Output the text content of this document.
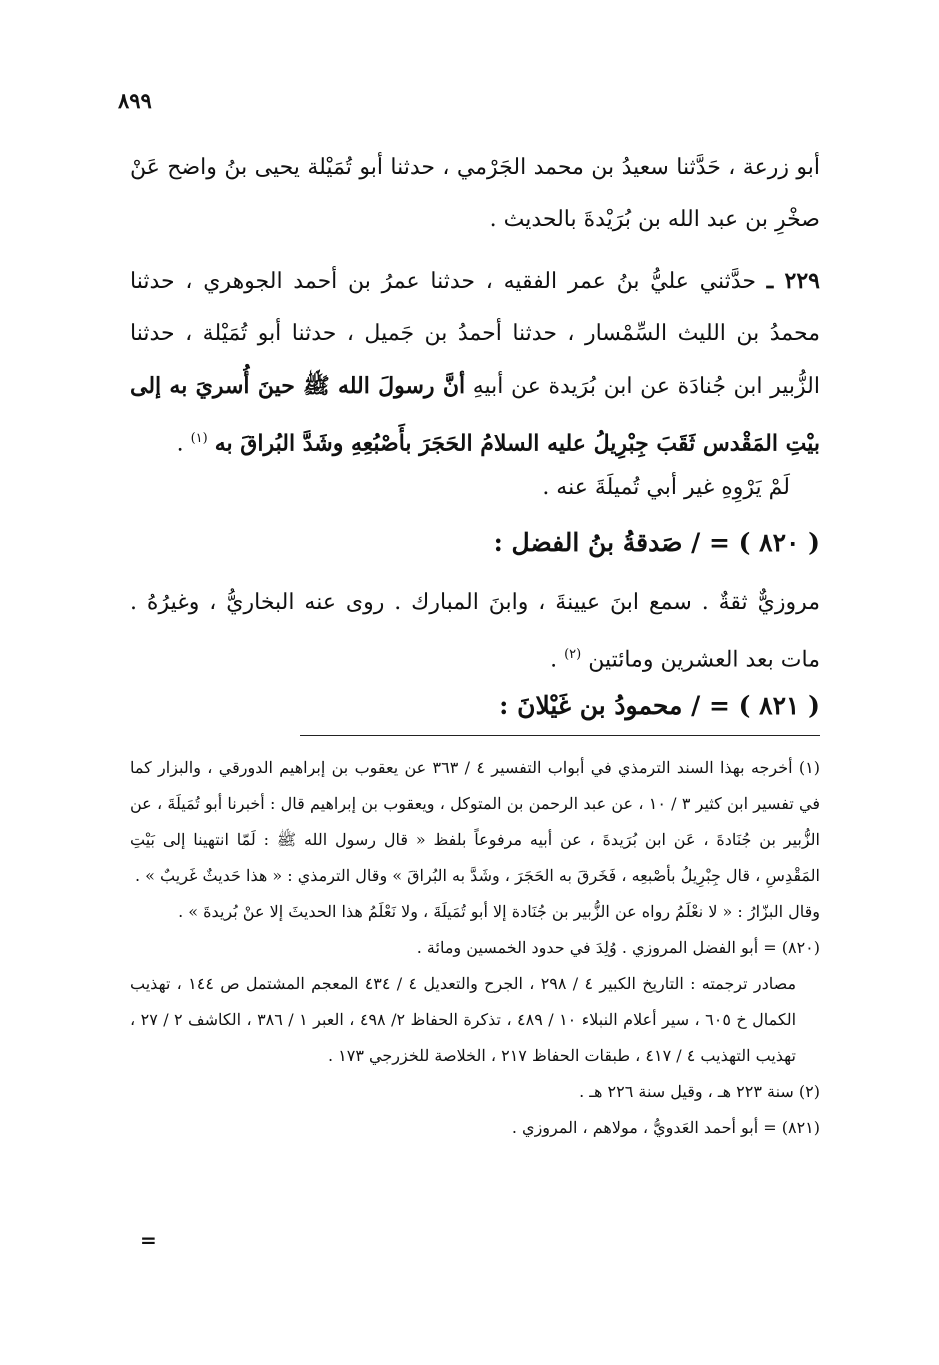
٨٩٩
أبو زرعة ، حَدَّثنا سعيدُ بن محمد الجَرْمي ، حدثنا أبو تُمَيْلة يحيى بنُ واضح عَنْ صخْرِ بن عبد الله بن بُرَيْدةَ بالحديث .
٢٢٩ ـ حدَّثني عليُّ بنُ عمر الفقيه ، حدثنا عمرُ بن أحمد الجوهري ، حدثنا محمدُ بن الليث السِّمْسار ، حدثنا أحمدُ بن جَميل ، حدثنا أبو تُمَيْلة ، حدثنا الزُّبير ابن جُنادَة عن ابن بُرَيدة عن أبيهِ أنَّ رسولَ الله ﷺ حينَ أُسريَ به إلى بيْتِ المَقْدس ثَقَبَ جِبْرِيلُ عليه السلامُ الحَجَرَ بأَصْبُعِهِ وشَدَّ البُراقَ به $^{(١)}$ .
لَمْ يَرْوِهِ غير أبي تُميلَةَ عنه .
( ٨٢٠ ) = / صَدقةُ بنُ الفضل :
مروزيٌّ ثقةٌ . سمع ابنَ عيينةَ ، وابنَ المبارك . روى عنه البخاريُّ ، وغيرُهُ . مات بعد العشرين ومائتين $^{(٢)}$ .
( ٨٢١ ) = / محمودُ بن غَيْلانَ :
(١) أخرجه بهذا السند الترمذي في أبواب التفسير ٤ / ٣٦٣ عن يعقوب بن إبراهيم الدورقي ، والبزار كما في تفسير ابن كثير ٣ / ١٠ ، عن عبد الرحمن بن المتوكل ، ويعقوب بن إبراهيم قال : أخبرنا أبو تُمَيلَةَ ، عن الزُّبير بن جُنَادةَ ، عَن ابن بُرَيدةَ ، عن أبيه مرفوعاً بلفظ « قال رسول الله ﷺ : لَمّا انتهينا إلى بَيْتِ المَقْدِسِ ، قال جِبْرِيلُ بأصْبعِه ، فَخَرقَ به الحَجَرَ ، وشَدَّ به البُراقَ » وقال الترمذي : « هذا حَديثٌ غَريبٌ » .
وقال البزّارُ : « لا نعْلَمُ رواه عن الزُّبير بن جُنَادة إلا أبو تُمَيلَةَ ، ولا نَعْلَمُ هذا الحديثَ إلا عنْ بُريدةَ » .
(٨٢٠) = أبو الفضل المروزي . وُلِدَ في حدود الخمسين ومائة .
مصادر ترجمته : التاريخ الكبير ٤ / ٢٩٨ ، الجرح والتعديل ٤ / ٤٣٤ المعجم المشتمل ص ١٤٤ ، تهذيب الكمال خ ٦٠٥ ، سير أعلام النبلاء ١٠ / ٤٨٩ ، تذكرة الحفاظ ٢/ ٤٩٨ ، العبر ١ / ٣٨٦ ، الكاشف ٢ / ٢٧ ، تهذيب التهذيب ٤ / ٤١٧ ، طبقات الحفاظ ٢١٧ ، الخلاصة للخزرجي ١٧٣ .
(٢) سنة ٢٢٣ هـ ، وقيل سنة ٢٢٦ هـ .
(٨٢١) = أبو أحمد العَدويُّ ، مولاهم ، المروزي .
=
